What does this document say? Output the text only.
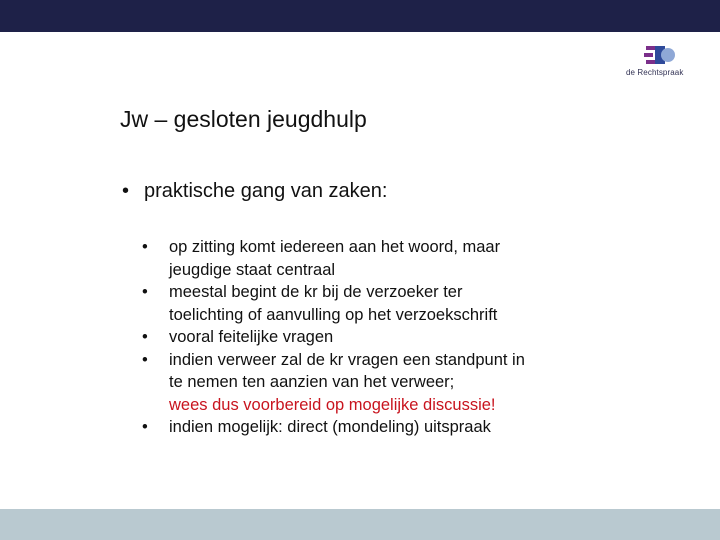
de Rechtspraak
Jw – gesloten jeugdhulp
• praktische gang van zaken:
• op zitting komt iedereen aan het woord, maar
jeugdige staat centraal
• meestal begint de kr bij de verzoeker ter
toelichting of aanvulling op het verzoekschrift
• vooral feitelijke vragen
• indien verweer zal de kr vragen een standpunt in
te nemen ten aanzien van het verweer;
wees dus voorbereid op mogelijke discussie!
• indien mogelijk: direct (mondeling) uitspraak
